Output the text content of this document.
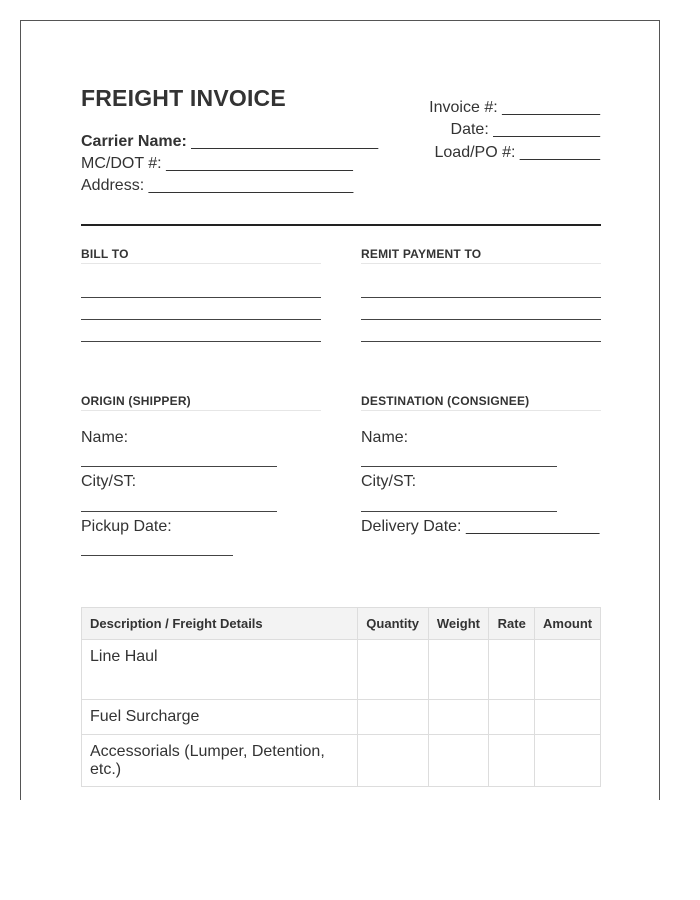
FREIGHT INVOICE
Carrier Name: _____________________
MC/DOT #: _____________________
Address: _______________________
Invoice #: ___________
Date: ____________
Load/PO #: _________
BILL TO	REMIT PAYMENT TO
ORIGIN (SHIPPER)
Name:
City/ST:
Pickup Date:
DESTINATION (CONSIGNEE)
Name:
City/ST:
Delivery Date: _______________
Description / Freight Details	Quantity	Weight	Rate	Amount
Line Haul				
Fuel Surcharge				
Accessorials (Lumper, Detention, etc.)				
